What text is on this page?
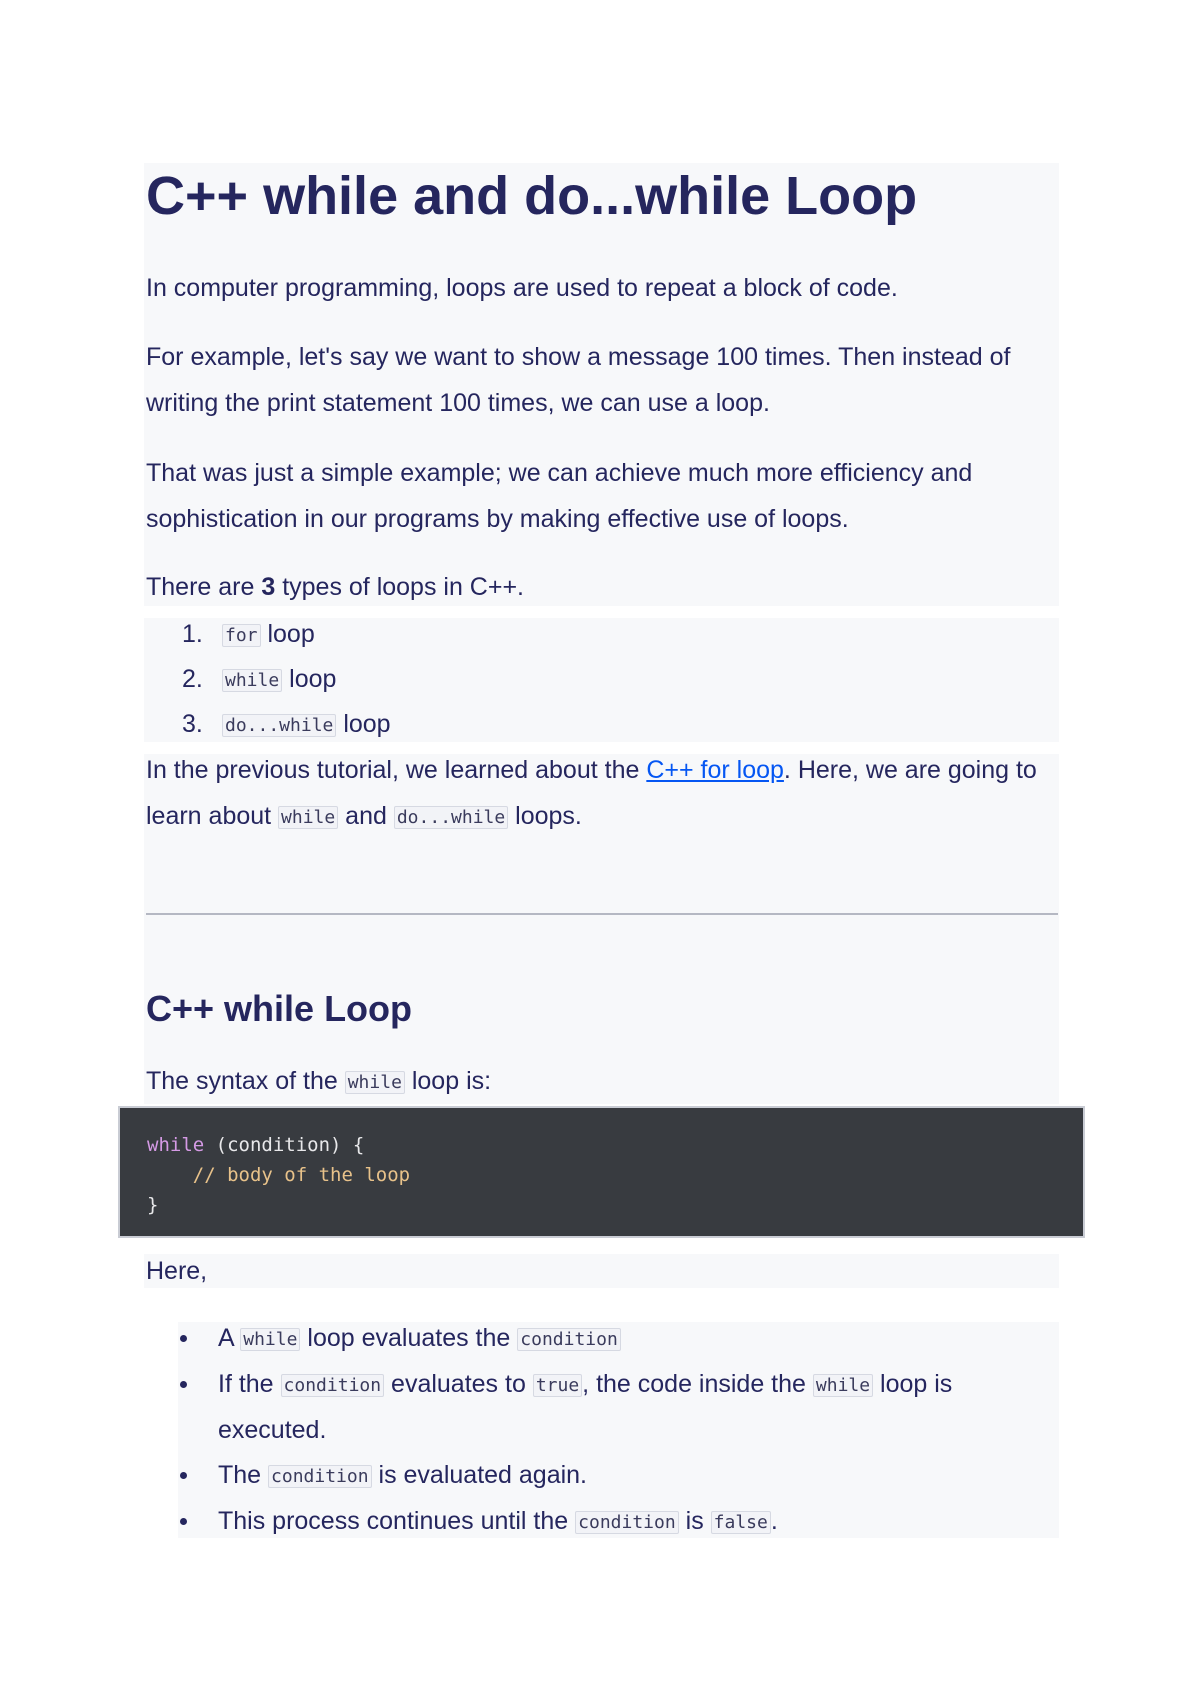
C++ while and do...while Loop

In computer programming, loops are used to repeat a block of code.

For example, let's say we want to show a message 100 times. Then instead of writing the print statement 100 times, we can use a loop.

That was just a simple example; we can achieve much more efficiency and sophistication in our programs by making effective use of loops.

There are 3 types of loops in C++.

1.	for loop
2.	while loop
3.	do...while loop

In the previous tutorial, we learned about the C++ for loop. Here, we are going to learn about while and do...while loops.

C++ while Loop

The syntax of the while loop is:

while (condition) {
// body of the loop
}

Here,

A while loop evaluates the condition
If the condition evaluates to true , the code inside the while loop is executed.
The condition is evaluated again.
This process continues until the condition is false .
